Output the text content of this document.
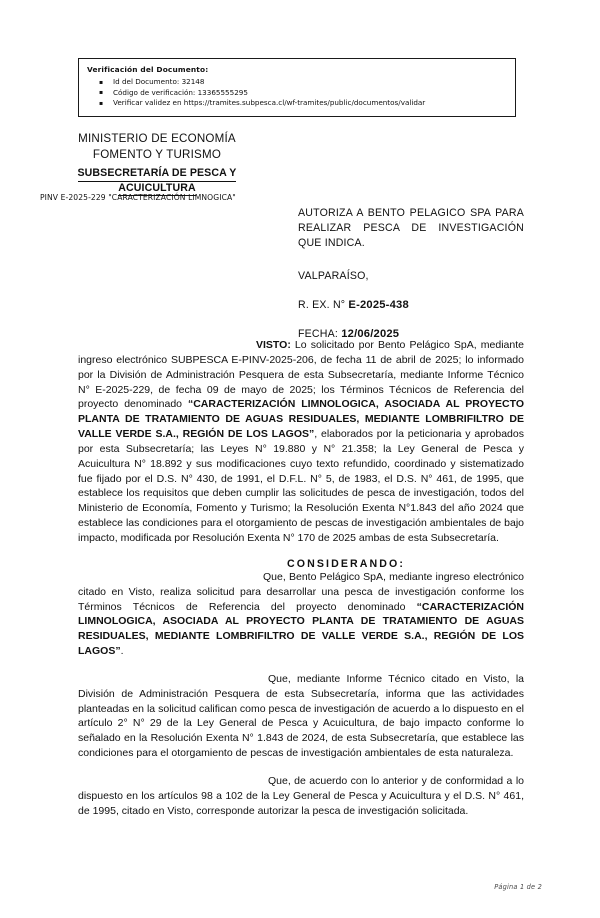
Verificación del Documento:
▪ Id del Documento: 32148
▪ Código de verificación: 13365555295
▪ Verificar validez en https://tramites.subpesca.cl/wf-tramites/public/documentos/validar
MINISTERIO DE ECONOMÍA
FOMENTO Y TURISMO
SUBSECRETARÍA DE PESCA Y
ACUICULTURA
PINV E-2025-229 "CARACTERIZACIÓN LIMNOGICA"
AUTORIZA A BENTO PELAGICO SPA PARA REALIZAR PESCA DE INVESTIGACIÓN QUE INDICA.
VALPARAÍSO,
R. EX. N° E-2025-438
FECHA: 12/06/2025

VISTO: Lo solicitado por Bento Pelágico SpA, mediante ingreso electrónico SUBPESCA E-PINV-2025-206, de fecha 11 de abril de 2025; lo informado por la División de Administración Pesquera de esta Subsecretaría, mediante Informe Técnico N° E-2025-229, de fecha 09 de mayo de 2025; los Términos Técnicos de Referencia del proyecto denominado “CARACTERIZACIÓN LIMNOLOGICA, ASOCIADA AL PROYECTO PLANTA DE TRATAMIENTO DE AGUAS RESIDUALES, MEDIANTE LOMBRIFILTRO DE VALLE VERDE S.A., REGIÓN DE LOS LAGOS”, elaborados por la peticionaria y aprobados por esta Subsecretaría; las Leyes N° 19.880 y N° 21.358; la Ley General de Pesca y Acuicultura N° 18.892 y sus modificaciones cuyo texto refundido, coordinado y sistematizado fue fijado por el D.S. N° 430, de 1991, el D.F.L. N° 5, de 1983, el D.S. N° 461, de 1995, que establece los requisitos que deben cumplir las solicitudes de pesca de investigación, todos del Ministerio de Economía, Fomento y Turismo; la Resolución Exenta N°1.843 del año 2024 que establece las condiciones para el otorgamiento de pescas de investigación ambientales de bajo impacto, modificada por Resolución Exenta N° 170 de 2025 ambas de esta Subsecretaría.

CONSIDERANDO:

Que, Bento Pelágico SpA, mediante ingreso electrónico citado en Visto, realiza solicitud para desarrollar una pesca de investigación conforme los Términos Técnicos de Referencia del proyecto denominado “CARACTERIZACIÓN LIMNOLOGICA, ASOCIADA AL PROYECTO PLANTA DE TRATAMIENTO DE AGUAS RESIDUALES, MEDIANTE LOMBRIFILTRO DE VALLE VERDE S.A., REGIÓN DE LOS LAGOS”.

Que, mediante Informe Técnico citado en Visto, la División de Administración Pesquera de esta Subsecretaría, informa que las actividades planteadas en la solicitud califican como pesca de investigación de acuerdo a lo dispuesto en el artículo 2° N° 29 de la Ley General de Pesca y Acuicultura, de bajo impacto conforme lo señalado en la Resolución Exenta N° 1.843 de 2024, de esta Subsecretaría, que establece las condiciones para el otorgamiento de pescas de investigación ambientales de esta naturaleza.

Que, de acuerdo con lo anterior y de conformidad a lo dispuesto en los artículos 98 a 102 de la Ley General de Pesca y Acuicultura y el D.S. N° 461, de 1995, citado en Visto, corresponde autorizar la pesca de investigación solicitada.

Página 1 de 2
